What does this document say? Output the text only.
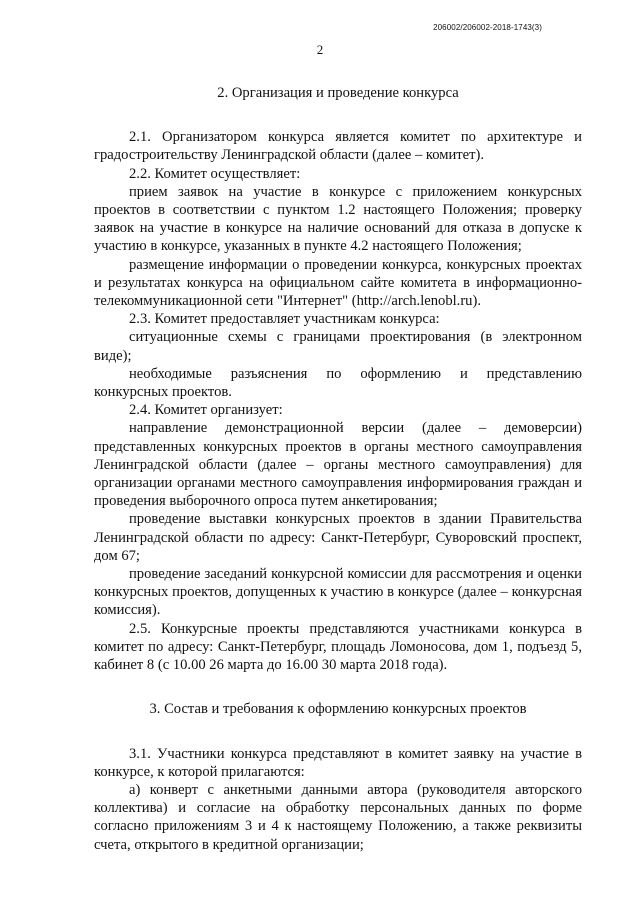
206002/206002-2018-1743(3)
2
2. Организация и проведение конкурса

2.1. Организатором конкурса является комитет по архитектуре и градостроительству Ленинградской области (далее – комитет).

2.2. Комитет осуществляет:

прием заявок на участие в конкурсе с приложением конкурсных проектов в соответствии с пунктом 1.2 настоящего Положения; проверку заявок на участие в конкурсе на наличие оснований для отказа в допуске к участию в конкурсе, указанных в пункте 4.2 настоящего Положения;

размещение информации о проведении конкурса, конкурсных проектах и результатах конкурса на официальном сайте комитета в информационно-телекоммуникационной сети "Интернет" (http://arch.lenobl.ru).

2.3. Комитет предоставляет участникам конкурса:

ситуационные схемы с границами проектирования (в электронном виде);

необходимые разъяснения по оформлению и представлению конкурсных проектов.

2.4. Комитет организует:

направление демонстрационной версии (далее – демоверсии) представленных конкурсных проектов в органы местного самоуправления Ленинградской области (далее – органы местного самоуправления) для организации органами местного самоуправления информирования граждан и проведения выборочного опроса путем анкетирования;

проведение выставки конкурсных проектов в здании Правительства Ленинградской области по адресу: Санкт-Петербург, Суворовский проспект, дом 67;

проведение заседаний конкурсной комиссии для рассмотрения и оценки конкурсных проектов, допущенных к участию в конкурсе (далее – конкурсная комиссия).

2.5. Конкурсные проекты представляются участниками конкурса в комитет по адресу: Санкт-Петербург, площадь Ломоносова, дом 1, подъезд 5, кабинет 8 (с 10.00 26 марта до 16.00 30 марта 2018 года).

3. Состав и требования к оформлению конкурсных проектов

3.1. Участники конкурса представляют в комитет заявку на участие в конкурсе, к которой прилагаются:

а) конверт с анкетными данными автора (руководителя авторского коллектива) и согласие на обработку персональных данных по форме согласно приложениям 3 и 4 к настоящему Положению, а также реквизиты счета, открытого в кредитной организации;
